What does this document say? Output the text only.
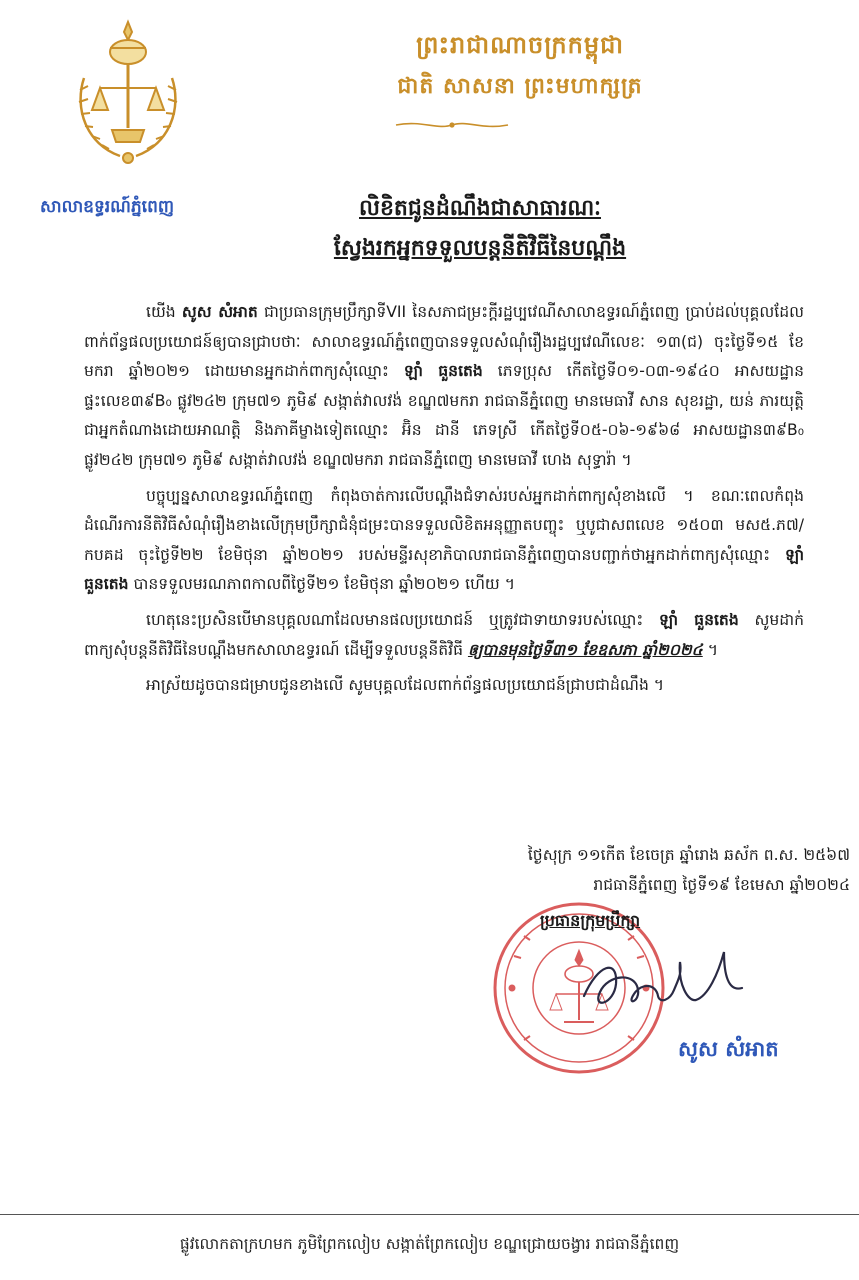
សាលាឧទ្ធរណ៍ភ្នំពេញ
ព្រះរាជាណាចក្រកម្ពុជា
ជាតិ សាសនា ព្រះមហាក្សត្រ
លិខិតជូនដំណឹងជាសាធារណៈ
ស្វែងរកអ្នកទទួលបន្តនីតិវិធីនៃបណ្តឹង

យើង សូស សំអាត ជាប្រធានក្រុមប្រឹក្សាទីVII នៃសភាជម្រះក្តីរដ្ឋប្បវេណីសាលាឧទ្ធរណ៍ភ្នំពេញ ប្រាប់ដល់បុគ្គលដែលពាក់ព័ន្ធផលប្រយោជន៍ឲ្យបានជ្រាបថាៈ សាលាឧទ្ធរណ៍ភ្នំពេញបានទទួលសំណុំរឿងរដ្ឋប្បវេណីលេខៈ ១៣(ជ) ចុះថ្ងៃទី១៥ ខែមករា ឆ្នាំ២០២១ ដោយមានអ្នកដាក់ពាក្យសុំឈ្មោះ ឡាំ ធួនតេង ភេទប្រុស កើតថ្ងៃទី០១-០៣-១៩៤០ អាសយដ្ឋានផ្ទះលេខ៣៩B₀ ផ្លូវ២៤២ ក្រុម៧១ ភូមិ៩ សង្កាត់វាលវង់ ខណ្ឌ៧មករា រាជធានីភ្នំពេញ មានមេធាវី សាន សុខរដ្ឋា, យន់ ភារយុត្តិ ជាអ្នកតំណាងដោយអាណត្តិ និងភាគីម្ខាងទៀតឈ្មោះ អ៊ិន ដានី ភេទស្រី កើតថ្ងៃទី០៥-០៦-១៩៦៨ អាសយដ្ឋាន៣៩B₀ ផ្លូវ២៤២ ក្រុម៧១ ភូមិ៩ សង្កាត់វាលវង់ ខណ្ឌ៧មករា រាជធានីភ្នំពេញ មានមេធាវី ហេង សុទ្ធារ៉ា ។

បច្ចុប្បន្នសាលាឧទ្ធរណ៍ភ្នំពេញ កំពុងចាត់ការលើបណ្តឹងជំទាស់របស់អ្នកដាក់ពាក្យសុំខាងលើ ។ ខណៈពេលកំពុងដំណើរការនីតិវិធីសំណុំរឿងខាងលើក្រុមប្រឹក្សាជំនុំជម្រះបានទទួលលិខិតអនុញ្ញាតបញ្ចុះ ឬបូជាសពលេខ ១៥០៣ មស៥.ភ៧/កបគដ ចុះថ្ងៃទី២២ ខែមិថុនា ឆ្នាំ២០២១ របស់មន្ទីរសុខាភិបាលរាជធានីភ្នំពេញបានបញ្ជាក់ថាអ្នកដាក់ពាក្យសុំឈ្មោះ ឡាំ ធួនតេង បានទទួលមរណភាពកាលពីថ្ងៃទី២១ ខែមិថុនា ឆ្នាំ២០២១ ហើយ ។

ហេតុនេះប្រសិនបើមានបុគ្គលណាដែលមានផលប្រយោជន៍ ឬត្រូវជាទាយាទរបស់ឈ្មោះ ឡាំ ធួនតេង សូមដាក់ពាក្យសុំបន្តនីតិវិធីនៃបណ្តឹងមកសាលាឧទ្ធរណ៍ ដើម្បីទទួលបន្តនីតិវិធី ឲ្យបានមុនថ្ងៃទី៣១ ខែឧសភា ឆ្នាំ២០២៤ ។

អាស្រ័យដូចបានជម្រាបជូនខាងលើ សូមបុគ្គលដែលពាក់ព័ន្ធផលប្រយោជន៍ជ្រាបជាដំណឹង ។

ថ្ងៃសុក្រ ១១កើត ខែចេត្រ ឆ្នាំរោង ឆស័ក ព.ស. ២៥៦៧
រាជធានីភ្នំពេញ ថ្ងៃទី១៩ ខែមេសា ឆ្នាំ២០២៤
ប្រធានក្រុមប្រឹក្សា
សូស សំអាត
ផ្លូវលោកតាក្រហមក ភូមិព្រែកលៀប សង្កាត់ព្រែកលៀប ខណ្ឌជ្រោយចង្វារ រាជធានីភ្នំពេញ
